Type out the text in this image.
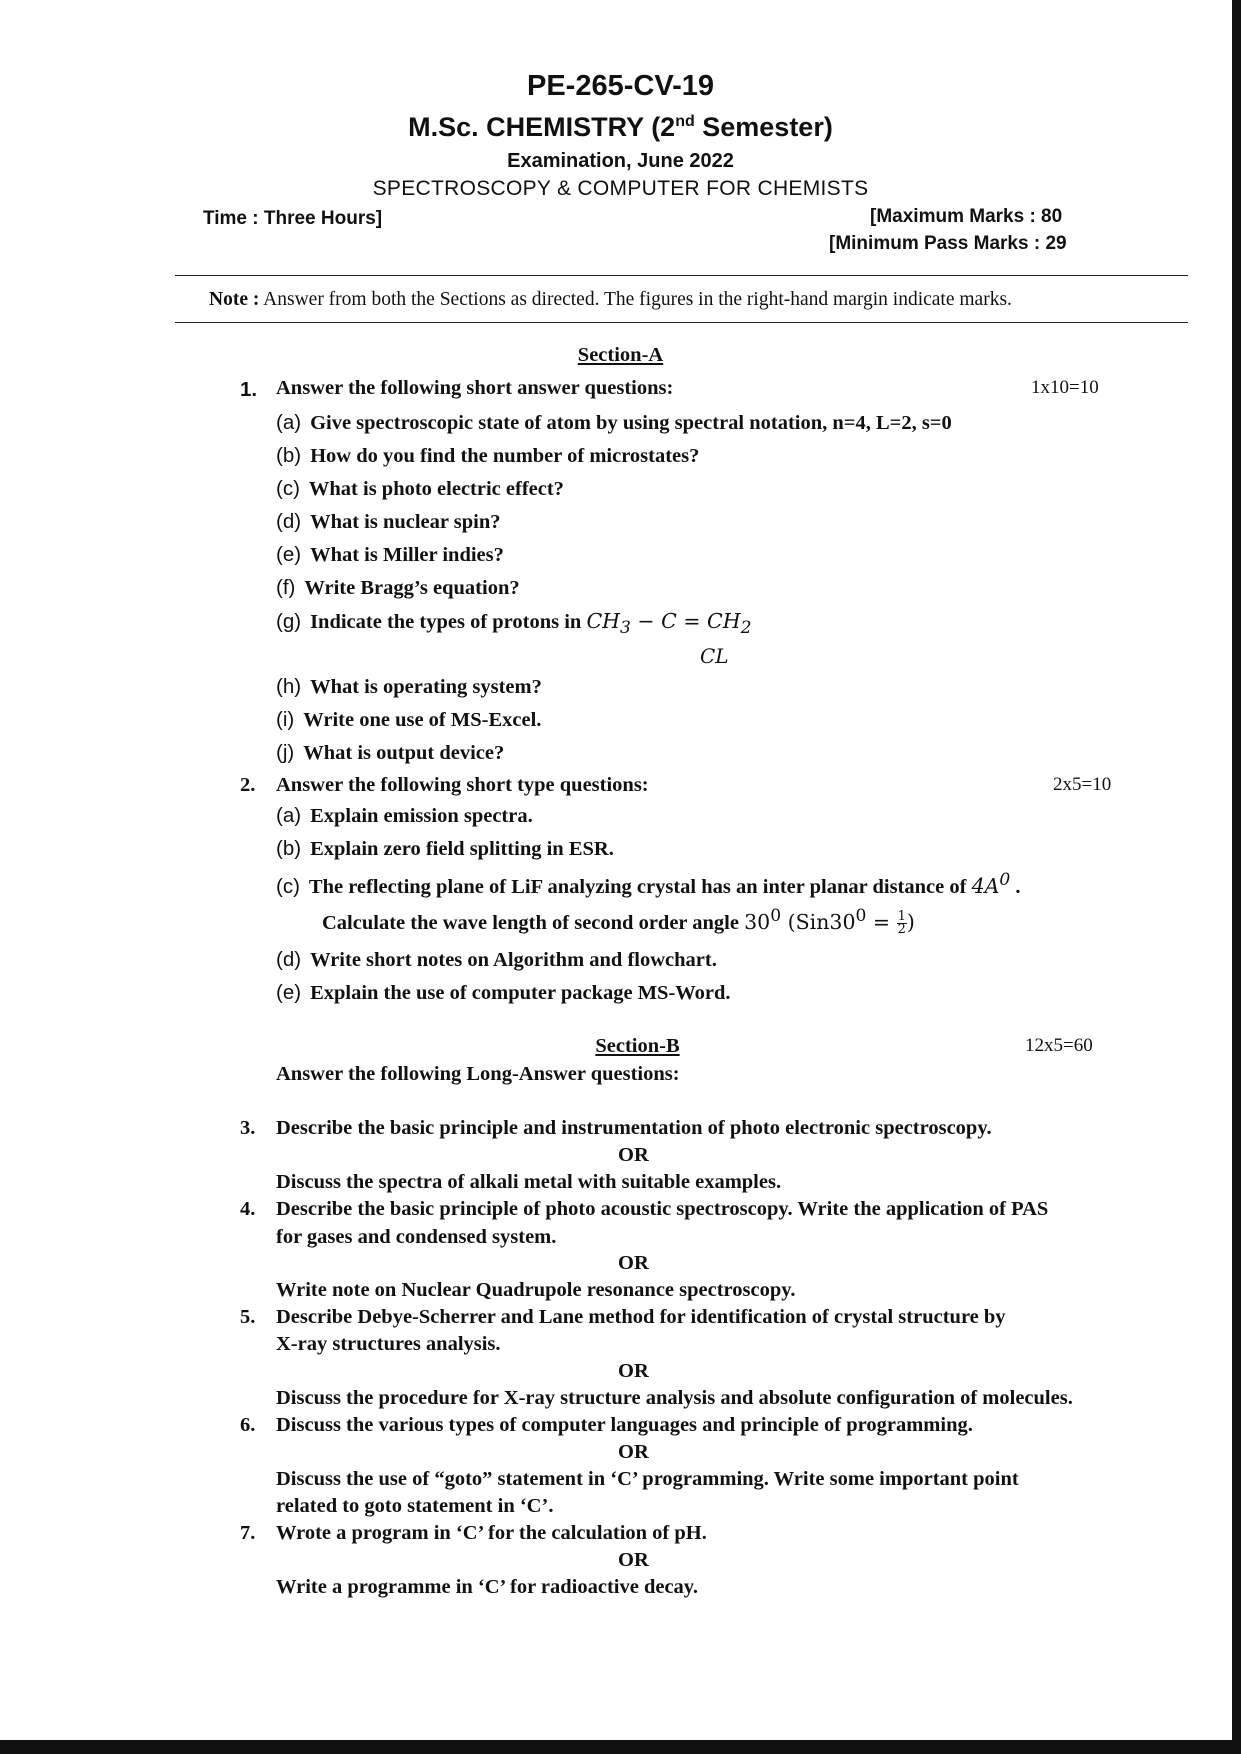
PE-265-CV-19
M.Sc. CHEMISTRY (2nd Semester)
Examination, June 2022
SPECTROSCOPY & COMPUTER FOR CHEMISTS
Time : Three Hours]	[Maximum Marks : 80
[Minimum Pass Marks : 29
Note : Answer from both the Sections as directed. The figures in the right-hand margin indicate marks.
Section-A
1. Answer the following short answer questions:	1x10=10
(a) Give spectroscopic state of atom by using spectral notation, n=4, L=2, s=0
(b) How do you find the number of microstates?
(c) What is photo electric effect?
(d) What is nuclear spin?
(e) What is Miller indies?
(f) Write Bragg’s equation?
(g) Indicate the types of protons in $CH_3 - C = CH_2$
CL
(h) What is operating system?
(i) Write one use of MS-Excel.
(j) What is output device?
2. Answer the following short type questions:	2x5=10
(a) Explain emission spectra.
(b) Explain zero field splitting in ESR.
(c) The reflecting plane of LiF analyzing crystal has an inter planar distance of $4A^0$ .
Calculate the wave length of second order angle $30^0$ ($Sin30^0 = \frac{1}{2}$ )
(d) Write short notes on Algorithm and flowchart.
(e) Explain the use of computer package MS-Word.
Section-B	12x5=60
Answer the following Long-Answer questions:
3. Describe the basic principle and instrumentation of photo electronic spectroscopy.
OR
Discuss the spectra of alkali metal with suitable examples.
4. Describe the basic principle of photo acoustic spectroscopy. Write the application of PAS
for gases and condensed system.
OR
Write note on Nuclear Quadrupole resonance spectroscopy.
5. Describe Debye-Scherrer and Lane method for identification of crystal structure by
X-ray structures analysis.
OR
Discuss the procedure for X-ray structure analysis and absolute configuration of molecules.
6. Discuss the various types of computer languages and principle of programming.
OR
Discuss the use of “goto” statement in ‘C’ programming. Write some important point
related to goto statement in ‘C’.
7. Wrote a program in ‘C’ for the calculation of pH.
OR
Write a programme in ‘C’ for radioactive decay.
